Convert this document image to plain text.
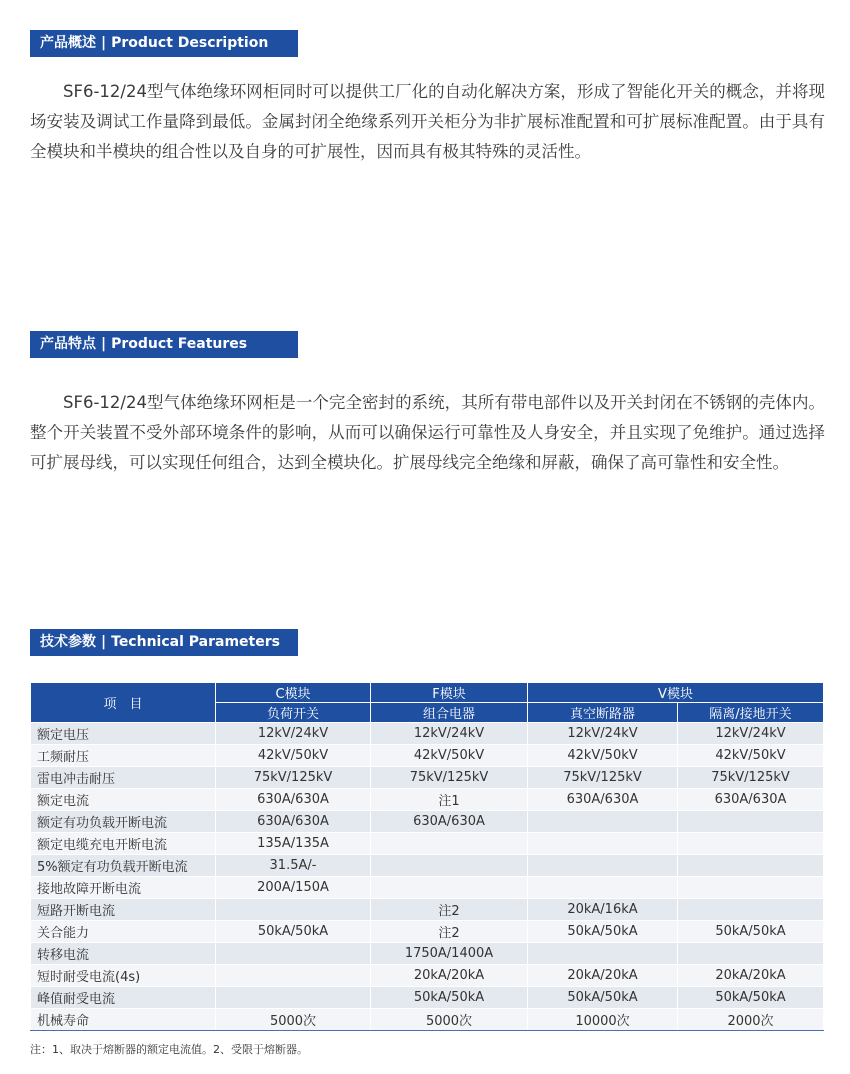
产品概述 | Product Description

SF6-12/24型气体绝缘环网柜同时可以提供工厂化的自动化解决方案，形成了智能化开关的概念，并将现场安装及调试工作量降到最低。金属封闭全绝缘系列开关柜分为非扩展标准配置和可扩展标准配置。由于具有全模块和半模块的组合性以及自身的可扩展性，因而具有极其特殊的灵活性。

产品特点 | Product Features

SF6-12/24型气体绝缘环网柜是一个完全密封的系统，其所有带电部件以及开关封闭在不锈钢的壳体内。整个开关装置不受外部环境条件的影响，从而可以确保运行可靠性及人身安全，并且实现了免维护。通过选择可扩展母线，可以实现任何组合，达到全模块化。扩展母线完全绝缘和屏蔽，确保了高可靠性和安全性。

技术参数 | Technical Parameters
项　目	C模块	F模块	V模块	
	负荷开关	组合电器	真空断路器	隔离/接地开关
额定电压	12kV/24kV	12kV/24kV	12kV/24kV	12kV/24kV
工频耐压	42kV/50kV	42kV/50kV	42kV/50kV	42kV/50kV
雷电冲击耐压	75kV/125kV	75kV/125kV	75kV/125kV	75kV/125kV
额定电流	630A/630A	注1	630A/630A	630A/630A
额定有功负载开断电流	630A/630A	630A/630A		
额定电缆充电开断电流	135A/135A			
5%额定有功负载开断电流	31.5A/-			
接地故障开断电流	200A/150A			
短路开断电流		注2	20kA/16kA	
关合能力	50kA/50kA	注2	50kA/50kA	50kA/50kA
转移电流		1750A/1400A		
短时耐受电流(4s)		20kA/20kA	20kA/20kA	20kA/20kA
峰值耐受电流		50kA/50kA	50kA/50kA	50kA/50kA
机械寿命	5000次	5000次	10000次	2000次
注：1、取决于熔断器的额定电流值。2、受限于熔断器。
